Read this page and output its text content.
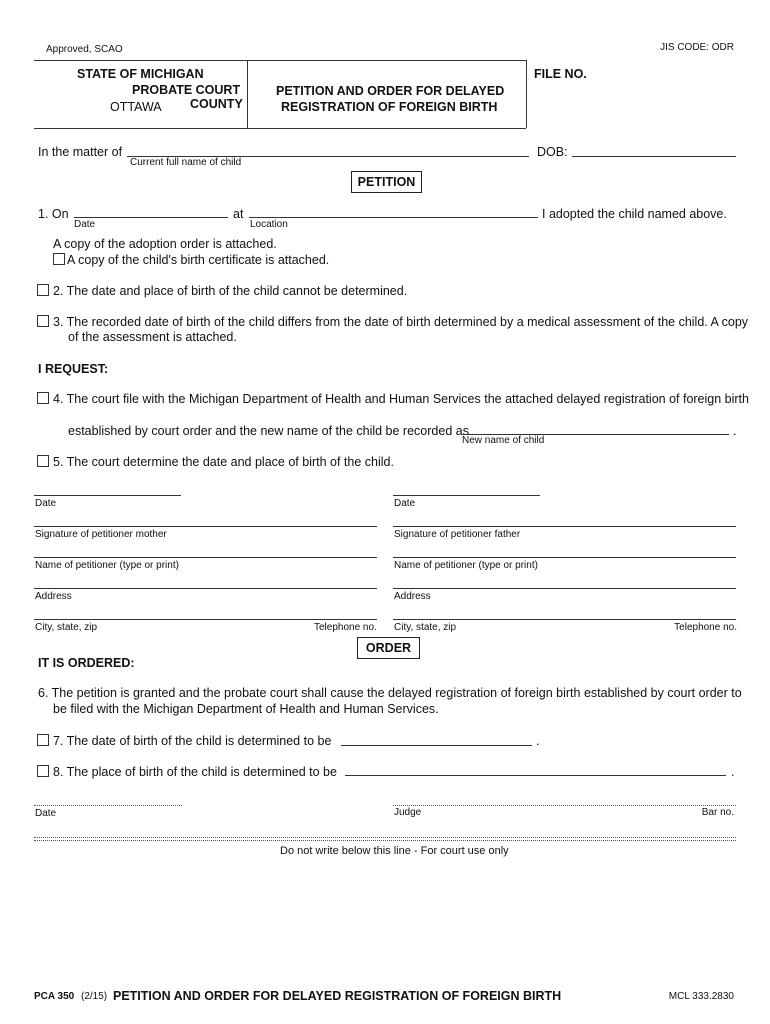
Approved, SCAO	JIS CODE: ODR
STATE OF MICHIGAN
PROBATE COURT
OTTAWA COUNTY
PETITION AND ORDER FOR DELAYED
REGISTRATION OF FOREIGN BIRTH
FILE NO.
In the matter of
Current full name of child
DOB:
PETITION
1. On
Date
at
Location
I adopted the child named above.
A copy of the adoption order is attached.
A copy of the child's birth certificate is attached.
2. The date and place of birth of the child cannot be determined.
3. The recorded date of birth of the child differs from the date of birth determined by a medical assessment of the child. A copy
of the assessment is attached.
I REQUEST:
4. The court file with the Michigan Department of Health and Human Services the attached delayed registration of foreign birth
established by court order and the new name of the child be recorded as	.
New name of child
5. The court determine the date and place of birth of the child.
Date	Date
Signature of petitioner mother	Signature of petitioner father
Name of petitioner (type or print)	Name of petitioner (type or print)
Address	Address
City, state, zip	Telephone no. City, state, zip	Telephone no.
ORDER
IT IS ORDERED:
6. The petition is granted and the probate court shall cause the delayed registration of foreign birth established by court order to
be filed with the Michigan Department of Health and Human Services.
7. The date of birth of the child is determined to be	.
8. The place of birth of the child is determined to be	.
Date	Judge	Bar no.
Do not write below this line - For court use only
PCA 350 (2/15) PETITION AND ORDER FOR DELAYED REGISTRATION OF FOREIGN BIRTH	MCL 333.2830
